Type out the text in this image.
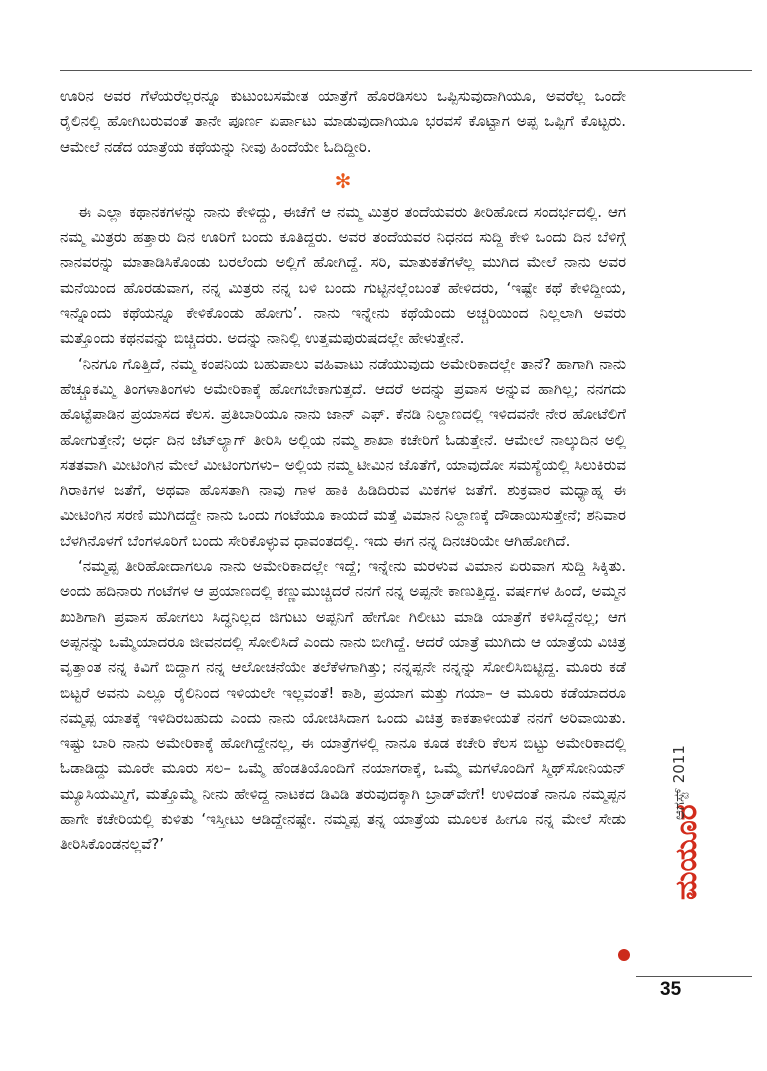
ಊರಿನ ಅವರ ಗೆಳೆಯರೆಲ್ಲರನ್ನೂ ಕುಟುಂಬಸಮೇತ ಯಾತ್ರೆಗೆ ಹೊರಡಿಸಲು ಒಪ್ಪಿಸುವುದಾಗಿಯೂ, ಅವರೆಲ್ಲ ಒಂದೇ ರೈಲಿನಲ್ಲಿ ಹೋಗಿಬರುವಂತೆ ತಾನೇ ಪೂರ್ಣ ಏರ್ಪಾಟು ಮಾಡುವುದಾಗಿಯೂ ಭರವಸೆ ಕೊಟ್ಟಾಗ ಅಪ್ಪ ಒಪ್ಪಿಗೆ ಕೊಟ್ಟರು. ಆಮೇಲೆ ನಡೆದ ಯಾತ್ರೆಯ ಕಥೆಯನ್ನು ನೀವು ಹಿಂದೆಯೇ ಓದಿದ್ದೀರಿ.

✻

ಈ ಎಲ್ಲಾ ಕಥಾನಕಗಳನ್ನು ನಾನು ಕೇಳಿದ್ದು, ಈಚೆಗೆ ಆ ನಮ್ಮ ಮಿತ್ರರ ತಂದೆಯವರು ತೀರಿಹೋದ ಸಂದರ್ಭದಲ್ಲಿ. ಆಗ ನಮ್ಮ ಮಿತ್ರರು ಹತ್ತಾರು ದಿನ ಊರಿಗೆ ಬಂದು ಕೂತಿದ್ದರು. ಅವರ ತಂದೆಯವರ ನಿಧನದ ಸುದ್ದಿ ಕೇಳಿ ಒಂದು ದಿನ ಬೆಳಿಗ್ಗೆ ನಾನವರನ್ನು ಮಾತಾಡಿಸಿಕೊಂಡು ಬರಲೆಂದು ಅಲ್ಲಿಗೆ ಹೋಗಿದ್ದೆ. ಸರಿ, ಮಾತುಕತೆಗಳೆಲ್ಲ ಮುಗಿದ ಮೇಲೆ ನಾನು ಅವರ ಮನೆಯಿಂದ ಹೊರಡುವಾಗ, ನನ್ನ ಮಿತ್ರರು ನನ್ನ ಬಳಿ ಬಂದು ಗುಟ್ಟಿನಲ್ಲೆಂಬಂತೆ ಹೇಳಿದರು, ‘ಇಷ್ಟೇ ಕಥೆ ಕೇಳಿದ್ದೀಯ, ಇನ್ನೊಂದು ಕಥೆಯನ್ನೂ ಕೇಳಿಕೊಂಡು ಹೋಗು’. ನಾನು ಇನ್ನೇನು ಕಥೆಯೆಂದು ಅಚ್ಚರಿಯಿಂದ ನಿಲ್ಲಲಾಗಿ ಅವರು ಮತ್ತೊಂದು ಕಥನವನ್ನು ಬಿಚ್ಚಿದರು. ಅದನ್ನು ನಾನಿಲ್ಲಿ ಉತ್ತಮಪುರುಷದಲ್ಲೇ ಹೇಳುತ್ತೇನೆ.

‘ನಿನಗೂ ಗೊತ್ತಿದೆ, ನಮ್ಮ ಕಂಪನಿಯ ಬಹುಪಾಲು ವಹಿವಾಟು ನಡೆಯುವುದು ಅಮೇರಿಕಾದಲ್ಲೇ ತಾನೆ? ಹಾಗಾಗಿ ನಾನು ಹೆಚ್ಚೂಕಮ್ಮಿ ತಿಂಗಳಾತಿಂಗಳು ಅಮೇರಿಕಾಕ್ಕೆ ಹೋಗಬೇಕಾಗುತ್ತದೆ. ಆದರೆ ಅದನ್ನು ಪ್ರವಾಸ ಅನ್ನುವ ಹಾಗಿಲ್ಲ; ನನಗದು ಹೊಟ್ಟೆಪಾಡಿನ ಪ್ರಯಾಸದ ಕೆಲಸ. ಪ್ರತಿಬಾರಿಯೂ ನಾನು ಜಾನ್ ಎಫ್. ಕೆನಡಿ ನಿಲ್ದಾಣದಲ್ಲಿ ಇಳಿದವನೇ ನೇರ ಹೋಟೆಲಿಗೆ ಹೋಗುತ್ತೇನೆ; ಅರ್ಧ ದಿನ ಜೆಟ್‌ಲ್ಯಾಗ್ ತೀರಿಸಿ ಅಲ್ಲಿಯ ನಮ್ಮ ಶಾಖಾ ಕಚೇರಿಗೆ ಓಡುತ್ತೇನೆ. ಆಮೇಲೆ ನಾಲ್ಕುದಿನ ಅಲ್ಲಿ ಸತತವಾಗಿ ಮೀಟಿಂಗಿನ ಮೇಲೆ ಮೀಟಿಂಗುಗಳು– ಅಲ್ಲಿಯ ನಮ್ಮ ಟೀಮಿನ ಜೊತೆಗೆ, ಯಾವುದೋ ಸಮಸ್ಯೆಯಲ್ಲಿ ಸಿಲುಕಿರುವ ಗಿರಾಕಿಗಳ ಜತೆಗೆ, ಅಥವಾ ಹೊಸತಾಗಿ ನಾವು ಗಾಳ ಹಾಕಿ ಹಿಡಿದಿರುವ ಮಿಕಗಳ ಜತೆಗೆ. ಶುಕ್ರವಾರ ಮಧ್ಯಾಹ್ನ ಈ ಮೀಟಿಂಗಿನ ಸರಣಿ ಮುಗಿದದ್ದೇ ನಾನು ಒಂದು ಗಂಟೆಯೂ ಕಾಯದೆ ಮತ್ತೆ ವಿಮಾನ ನಿಲ್ದಾಣಕ್ಕೆ ದೌಡಾಯಿಸುತ್ತೇನೆ; ಶನಿವಾರ ಬೆಳಗಿನೊಳಗೆ ಬೆಂಗಳೂರಿಗೆ ಬಂದು ಸೇರಿಕೊಳ್ಳುವ ಧಾವಂತದಲ್ಲಿ. ಇದು ಈಗ ನನ್ನ ದಿನಚರಿಯೇ ಆಗಿಹೋಗಿದೆ.

‘ನಮ್ಮಪ್ಪ ತೀರಿಹೋದಾಗಲೂ ನಾನು ಅಮೇರಿಕಾದಲ್ಲೇ ಇದ್ದೆ; ಇನ್ನೇನು ಮರಳುವ ವಿಮಾನ ಏರುವಾಗ ಸುದ್ದಿ ಸಿಕ್ಕಿತು. ಅಂದು ಹದಿನಾರು ಗಂಟೆಗಳ ಆ ಪ್ರಯಾಣದಲ್ಲಿ ಕಣ್ಣುಮುಚ್ಚಿದರೆ ನನಗೆ ನನ್ನ ಅಪ್ಪನೇ ಕಾಣುತ್ತಿದ್ದ. ವರ್ಷಗಳ ಹಿಂದೆ, ಅಮ್ಮನ ಖುಶಿಗಾಗಿ ಪ್ರವಾಸ ಹೋಗಲು ಸಿದ್ಧನಿಲ್ಲದ ಜಿಗುಟು ಅಪ್ಪನಿಗೆ ಹೇಗೋ ಗಿಲೀಟು ಮಾಡಿ ಯಾತ್ರೆಗೆ ಕಳಿಸಿದ್ದೆನಲ್ಲ; ಆಗ ಅಪ್ಪನನ್ನು ಒಮ್ಮೆಯಾದರೂ ಜೀವನದಲ್ಲಿ ಸೋಲಿಸಿದೆ ಎಂದು ನಾನು ಬೀಗಿದ್ದೆ. ಆದರೆ ಯಾತ್ರೆ ಮುಗಿದು ಆ ಯಾತ್ರೆಯ ವಿಚಿತ್ರ ವೃತ್ತಾಂತ ನನ್ನ ಕಿವಿಗೆ ಬಿದ್ದಾಗ ನನ್ನ ಆಲೋಚನೆಯೇ ತಲೆಕೆಳಗಾಗಿತ್ತು; ನನ್ನಪ್ಪನೇ ನನ್ನನ್ನು ಸೋಲಿಸಿಬಿಟ್ಟಿದ್ದ. ಮೂರು ಕಡೆ ಬಿಟ್ಟರೆ ಅವನು ಎಲ್ಲೂ ರೈಲಿನಿಂದ ಇಳಿಯಲೇ ಇಲ್ಲವಂತೆ! ಕಾಶಿ, ಪ್ರಯಾಗ ಮತ್ತು ಗಯಾ– ಆ ಮೂರು ಕಡೆಯಾದರೂ ನಮ್ಮಪ್ಪ ಯಾತಕ್ಕೆ ಇಳಿದಿರಬಹುದು ಎಂದು ನಾನು ಯೋಚಿಸಿದಾಗ ಒಂದು ವಿಚಿತ್ರ ಕಾಕತಾಳೀಯತೆ ನನಗೆ ಅರಿವಾಯಿತು. ಇಷ್ಟು ಬಾರಿ ನಾನು ಅಮೇರಿಕಾಕ್ಕೆ ಹೋಗಿದ್ದೇನಲ್ಲ, ಈ ಯಾತ್ರೆಗಳಲ್ಲಿ ನಾನೂ ಕೂಡ ಕಚೇರಿ ಕೆಲಸ ಬಿಟ್ಟು ಅಮೇರಿಕಾದಲ್ಲಿ ಓಡಾಡಿದ್ದು ಮೂರೇ ಮೂರು ಸಲ– ಒಮ್ಮೆ ಹೆಂಡತಿಯೊಂದಿಗೆ ನಯಾಗರಾಕ್ಕೆ, ಒಮ್ಮೆ ಮಗಳೊಂದಿಗೆ ಸ್ಮಿಥ್‌ಸೋನಿಯನ್ ಮ್ಯೂಸಿಯಮ್ಮಿಗೆ, ಮತ್ತೊಮ್ಮೆ ನೀನು ಹೇಳಿದ್ದ ನಾಟಕದ ಡಿವಿಡಿ ತರುವುದಕ್ಕಾಗಿ ಬ್ರಾಡ್‌ವೇಗೆ! ಉಳಿದಂತೆ ನಾನೂ ನಮ್ಮಪ್ಪನ ಹಾಗೇ ಕಚೇರಿಯಲ್ಲಿ ಕುಳಿತು ‘ಇಸ್ತೀಟು ಆಡಿದ್ದೇನಷ್ಟೇ. ನಮ್ಮಪ್ಪ ತನ್ನ ಯಾತ್ರೆಯ ಮೂಲಕ ಹೀಗೂ ನನ್ನ ಮೇಲೆ ಸೇಡು ತೀರಿಸಿಕೊಂಡನಲ್ಲವೆ?’	ಮಯೂರ
ಆಗಸ್ಟ್ 2011
35
